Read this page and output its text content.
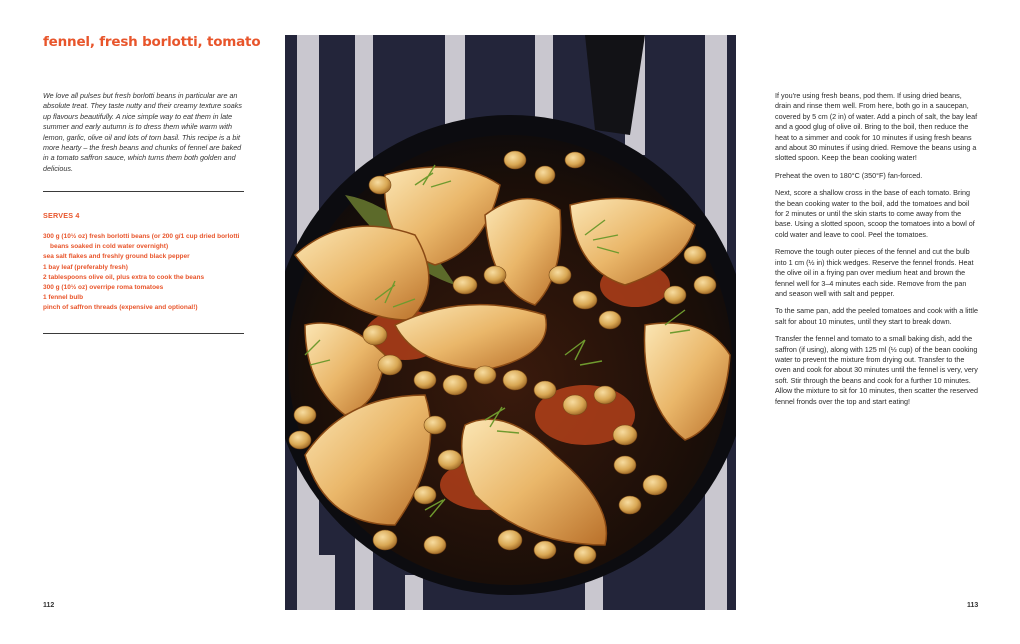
fennel, fresh borlotti, tomato

We love all pulses but fresh borlotti beans in particular are an absolute treat. They taste nutty and their creamy texture soaks up flavours beautifully. A nice simple way to eat them in late summer and early autumn is to dress them while warm with lemon, garlic, olive oil and lots of torn basil. This recipe is a bit more hearty – the fresh beans and chunks of fennel are baked in a tomato saffron sauce, which turns them both golden and delicious.

SERVES 4

300 g (10½ oz) fresh borlotti beans (or 200 g/1 cup dried borlotti beans soaked in cold water overnight)
sea salt flakes and freshly ground black pepper
1 bay leaf (preferably fresh)
2 tablespoons olive oil, plus extra to cook the beans
300 g (10½ oz) overripe roma tomatoes
1 fennel bulb
pinch of saffron threads (expensive and optional!)
112

If you're using fresh beans, pod them. If using dried beans, drain and rinse them well. From here, both go in a saucepan, covered by 5 cm (2 in) of water. Add a pinch of salt, the bay leaf and a good glug of olive oil. Bring to the boil, then reduce the heat to a simmer and cook for 10 minutes if using fresh beans and about 30 minutes if using dried. Remove the beans using a slotted spoon. Keep the bean cooking water!

Preheat the oven to 180°C (350°F) fan-forced.

Next, score a shallow cross in the base of each tomato. Bring the bean cooking water to the boil, add the tomatoes and boil for 2 minutes or until the skin starts to come away from the base. Using a slotted spoon, scoop the tomatoes into a bowl of cold water and leave to cool. Peel the tomatoes.

Remove the tough outer pieces of the fennel and cut the bulb into 1 cm (½ in) thick wedges. Reserve the fennel fronds. Heat the olive oil in a frying pan over medium heat and brown the fennel well for 3–4 minutes each side. Remove from the pan and season well with salt and pepper.

To the same pan, add the peeled tomatoes and cook with a little salt for about 10 minutes, until they start to break down.

Transfer the fennel and tomato to a small baking dish, add the saffron (if using), along with 125 ml (½ cup) of the bean cooking water to prevent the mixture from drying out. Transfer to the oven and cook for about 30 minutes until the fennel is very, very soft. Stir through the beans and cook for a further 10 minutes. Allow the mixture to sit for 10 minutes, then scatter the reserved fennel fronds over the top and start eating!

113
